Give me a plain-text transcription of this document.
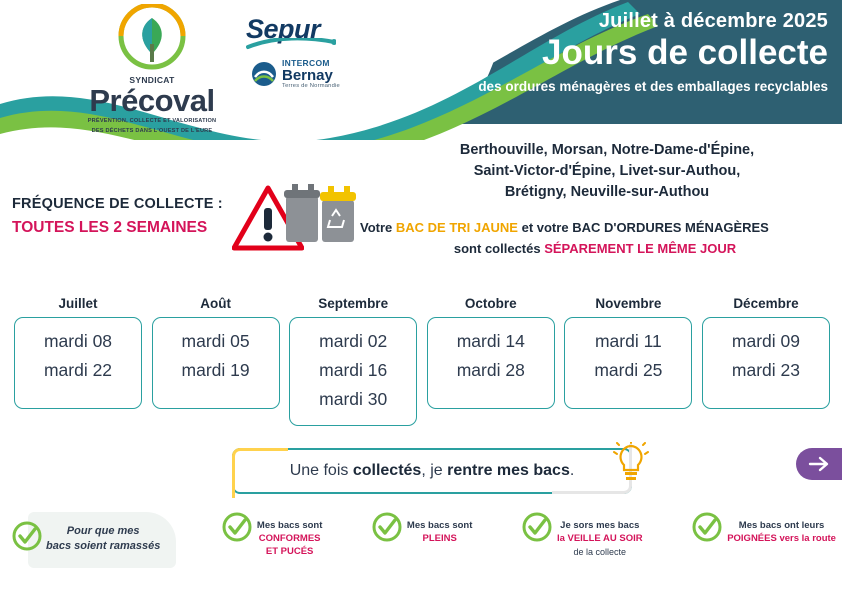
SYNDICAT
Précoval
PRÉVENTION, COLLECTE ET VALORISATION
DES DÉCHETS DANS L'OUEST DE L'EURE
Sepur
INTERCOM
Bernay
Terres de Normandie
Juillet à décembre 2025
Jours de collecte
des ordures ménagères et des emballages recyclables
Berthouville, Morsan, Notre-Dame-d'Épine,
Saint-Victor-d'Épine, Livet-sur-Authou,
Brétigny, Neuville-sur-Authou
FRÉQUENCE DE COLLECTE :
TOUTES LES 2 SEMAINES	Votre BAC DE TRI JAUNE et votre BAC D'ORDURES MÉNAGÈRES
sont collectés SÉPAREMENT LE MÊME JOUR
Juillet
mardi 08
mardi 22
Août
mardi 05
mardi 19
Septembre
mardi 02
mardi 16
mardi 30
Octobre
mardi 14
mardi 28
Novembre
mardi 11
mardi 25
Décembre
mardi 09
mardi 23
Une fois collectés, je rentre mes bacs.
Pour que mes
bacs soient ramassés
Mes bacs sont
CONFORMES
ET PUCÉS
Mes bacs sont
PLEINS
Je sors mes bacs
la VEILLE AU SOIR
de la collecte
Mes bacs ont leurs
POIGNÉES vers la route
